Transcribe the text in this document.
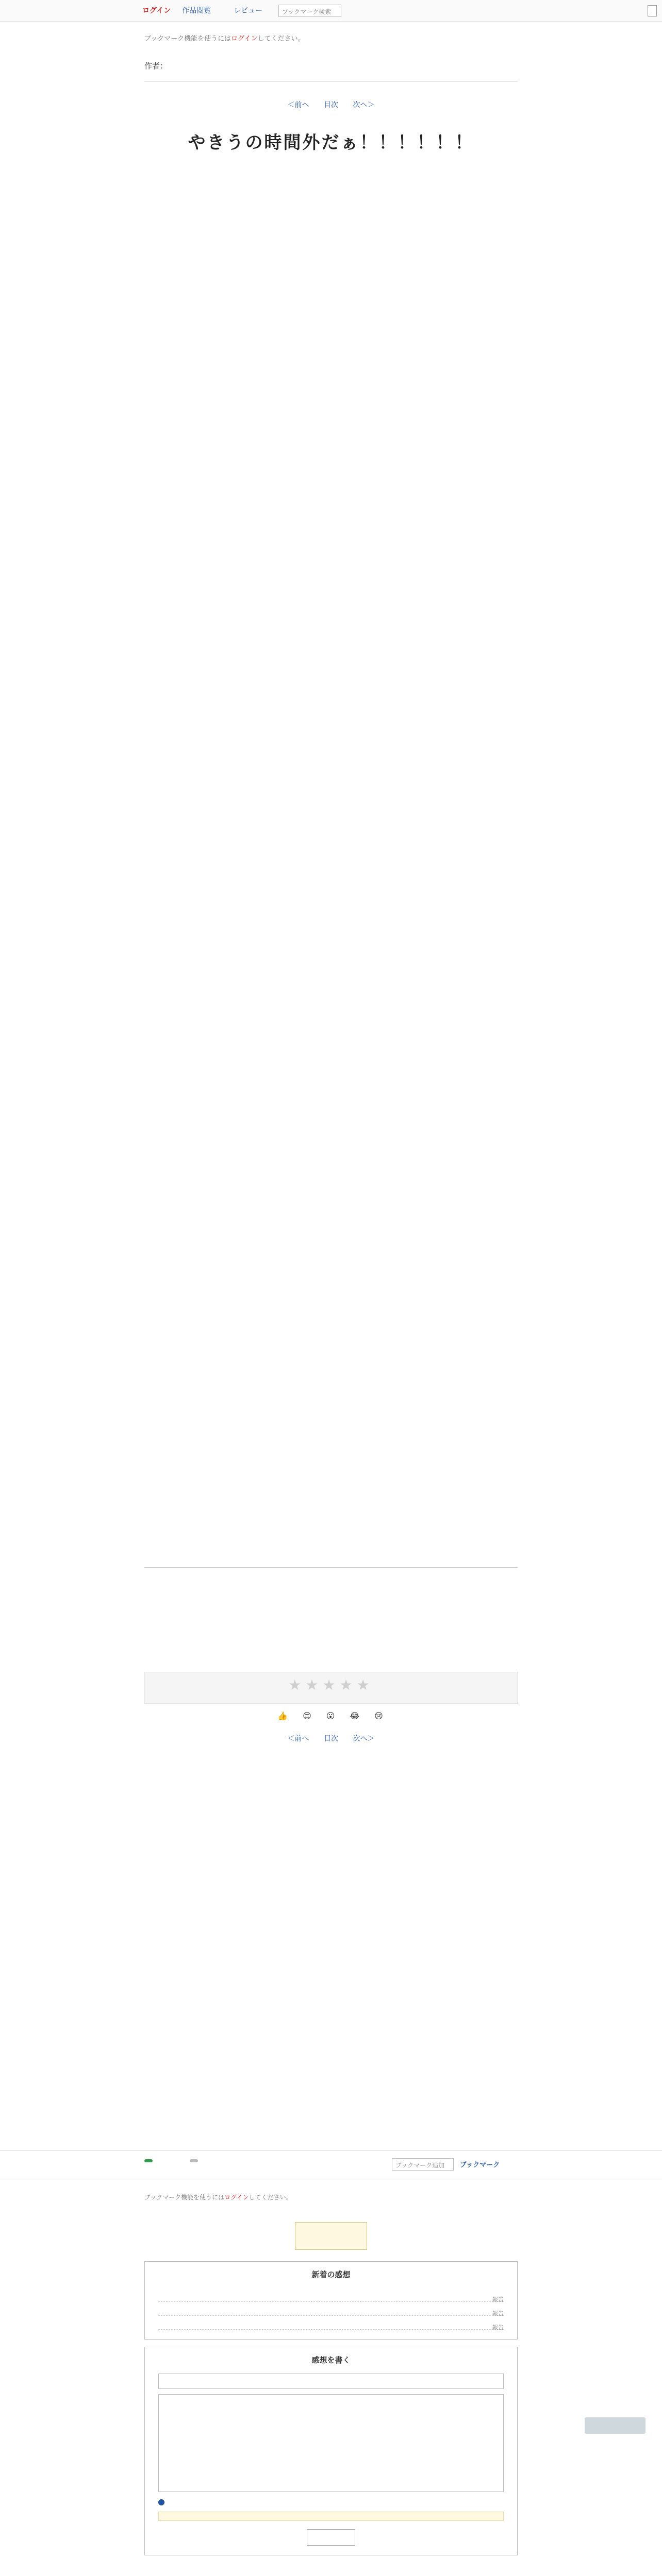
ログイン 作品閲覧	レビュー	ブックマーク検索
ブックマーク機能を使うにはログインしてください。
作者：
＜前へ 目次 次へ＞
やきうの時間外だぁ！！！！！！

★★★★★
👍 😊 😮 😂 😢
＜前へ 目次 次へ＞
ブックマーク追加	ブックマーク
ブックマーク機能を使うにはログインしてください。
新着の感想
報告
報告
報告
感想を書く
